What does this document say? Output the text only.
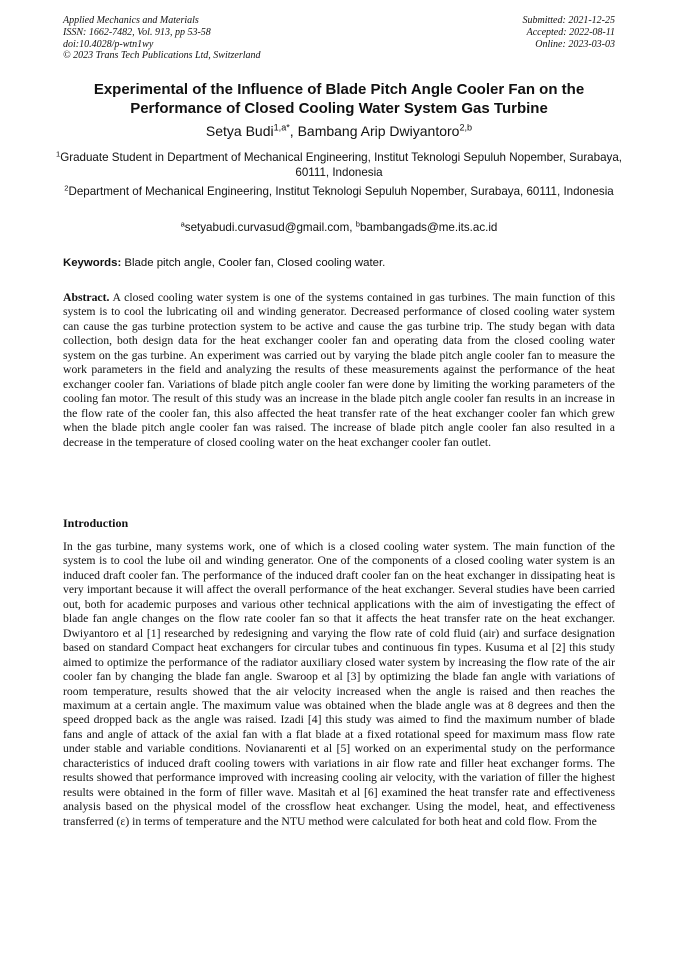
Applied Mechanics and Materials
ISSN: 1662-7482, Vol. 913, pp 53-58
doi:10.4028/p-wtn1wy
© 2023 Trans Tech Publications Ltd, Switzerland
Submitted: 2021-12-25
Accepted: 2022-08-11
Online: 2023-03-03
Experimental of the Influence of Blade Pitch Angle Cooler Fan on the Performance of Closed Cooling Water System Gas Turbine
Setya Budi$^{1,a*}$, Bambang Arip Dwiyantoro$^{2,b}$
$^1$Graduate Student in Department of Mechanical Engineering, Institut Teknologi Sepuluh Nopember, Surabaya, 60111, Indonesia
$^2$Department of Mechanical Engineering, Institut Teknologi Sepuluh Nopember, Surabaya, 60111, Indonesia
$^a$setyabudi.curvasud@gmail.com, $^b$bambangads@me.its.ac.id
Keywords: Blade pitch angle, Cooler fan, Closed cooling water.
Abstract. A closed cooling water system is one of the systems contained in gas turbines. The main function of this system is to cool the lubricating oil and winding generator. Decreased performance of closed cooling water system can cause the gas turbine protection system to be active and cause the gas turbine trip. The study began with data collection, both design data for the heat exchanger cooler fan and operating data from the closed cooling water system on the gas turbine. An experiment was carried out by varying the blade pitch angle cooler fan to measure the work parameters in the field and analyzing the results of these measurements against the performance of the heat exchanger cooler fan. Variations of blade pitch angle cooler fan were done by limiting the working parameters of the cooling fan motor. The result of this study was an increase in the blade pitch angle cooler fan results in an increase in the flow rate of the cooler fan, this also affected the heat transfer rate of the heat exchanger cooler fan which grew when the blade pitch angle cooler fan was raised. The increase of blade pitch angle cooler fan also resulted in a decrease in the temperature of closed cooling water on the heat exchanger cooler fan outlet.
Introduction
In the gas turbine, many systems work, one of which is a closed cooling water system. The main function of the system is to cool the lube oil and winding generator. One of the components of a closed cooling water system is an induced draft cooler fan. The performance of the induced draft cooler fan on the heat exchanger in dissipating heat is very important because it will affect the overall performance of the heat exchanger. Several studies have been carried out, both for academic purposes and various other technical applications with the aim of investigating the effect of blade fan angle changes on the flow rate cooler fan so that it affects the heat transfer rate on the heat exchanger. Dwiyantoro et al [1] researched by redesigning and varying the flow rate of cold fluid (air) and surface designation based on standard Compact heat exchangers for circular tubes and continuous fin types. Kusuma et al [2] this study aimed to optimize the performance of the radiator auxiliary closed water system by increasing the flow rate of the air cooler fan by changing the blade fan angle. Swaroop et al [3] by optimizing the blade fan angle with variations of room temperature, results showed that the air velocity increased when the angle is raised and then reaches the maximum at a certain angle. The maximum value was obtained when the blade angle was at 8 degrees and then the speed dropped back as the angle was raised. Izadi [4] this study was aimed to find the maximum number of blade fans and angle of attack of the axial fan with a flat blade at a fixed rotational speed for maximum mass flow rate under stable and variable conditions. Novianarenti et al [5] worked on an experimental study on the performance characteristics of induced draft cooling towers with variations in air flow rate and filler heat exchanger forms. The results showed that performance improved with increasing cooling air velocity, with the variation of filler the highest results were obtained in the form of filler wave. Masitah et al [6] examined the heat transfer rate and effectiveness analysis based on the physical model of the crossflow heat exchanger. Using the model, heat, and effectiveness transferred (ε) in terms of temperature and the NTU method were calculated for both heat and cold flow. From the
